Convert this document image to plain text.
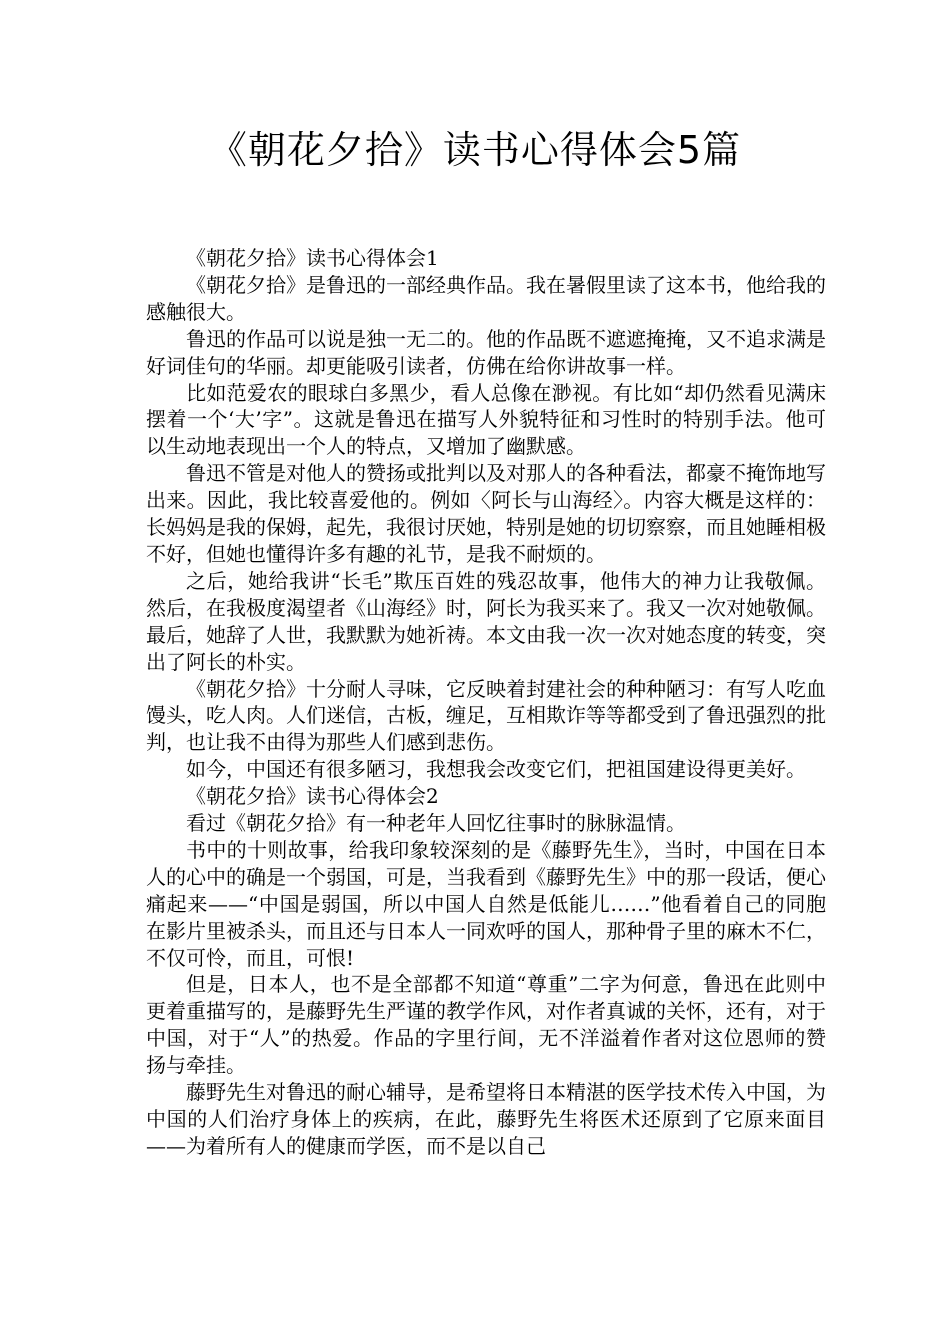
《朝花夕拾》读书心得体会5篇

《朝花夕拾》读书心得体会1

《朝花夕拾》是鲁迅的一部经典作品。我在暑假里读了这本书，他给我的感触很大。

鲁迅的作品可以说是独一无二的。他的作品既不遮遮掩掩，又不追求满是好词佳句的华丽。却更能吸引读者，仿佛在给你讲故事一样。

比如范爱农的眼球白多黑少，看人总像在渺视。有比如“却仍然看见满床摆着一个‘大’字”。这就是鲁迅在描写人外貌特征和习性时的特别手法。他可以生动地表现出一个人的特点，又增加了幽默感。

鲁迅不管是对他人的赞扬或批判以及对那人的各种看法，都豪不掩饰地写出来。因此，我比较喜爱他的。例如〈阿长与山海经〉。内容大概是这样的：长妈妈是我的保姆，起先，我很讨厌她，特别是她的切切察察，而且她睡相极不好，但她也懂得许多有趣的礼节，是我不耐烦的。

之后，她给我讲“长毛”欺压百姓的残忍故事，他伟大的神力让我敬佩。然后，在我极度渴望者《山海经》时，阿长为我买来了。我又一次对她敬佩。最后，她辞了人世，我默默为她祈祷。本文由我一次一次对她态度的转变，突出了阿长的朴实。

《朝花夕拾》十分耐人寻味，它反映着封建社会的种种陋习：有写人吃血馒头，吃人肉。人们迷信，古板，缠足，互相欺诈等等都受到了鲁迅强烈的批判，也让我不由得为那些人们感到悲伤。

如今，中国还有很多陋习，我想我会改变它们，把祖国建设得更美好。

《朝花夕拾》读书心得体会2

看过《朝花夕拾》有一种老年人回忆往事时的脉脉温情。

书中的十则故事，给我印象较深刻的是《藤野先生》，当时，中国在日本人的心中的确是一个弱国，可是，当我看到《藤野先生》中的那一段话，便心痛起来——“中国是弱国，所以中国人自然是低能儿……”他看着自己的同胞在影片里被杀头，而且还与日本人一同欢呼的国人，那种骨子里的麻木不仁，不仅可怜，而且，可恨!

但是，日本人，也不是全部都不知道“尊重”二字为何意，鲁迅在此则中更着重描写的，是藤野先生严谨的教学作风，对作者真诚的关怀，还有，对于中国，对于“人”的热爱。作品的字里行间，无不洋溢着作者对这位恩师的赞扬与牵挂。

藤野先生对鲁迅的耐心辅导，是希望将日本精湛的医学技术传入中国，为中国的人们治疗身体上的疾病，在此，藤野先生将医术还原到了它原来面目——为着所有人的健康而学医，而不是以自己
